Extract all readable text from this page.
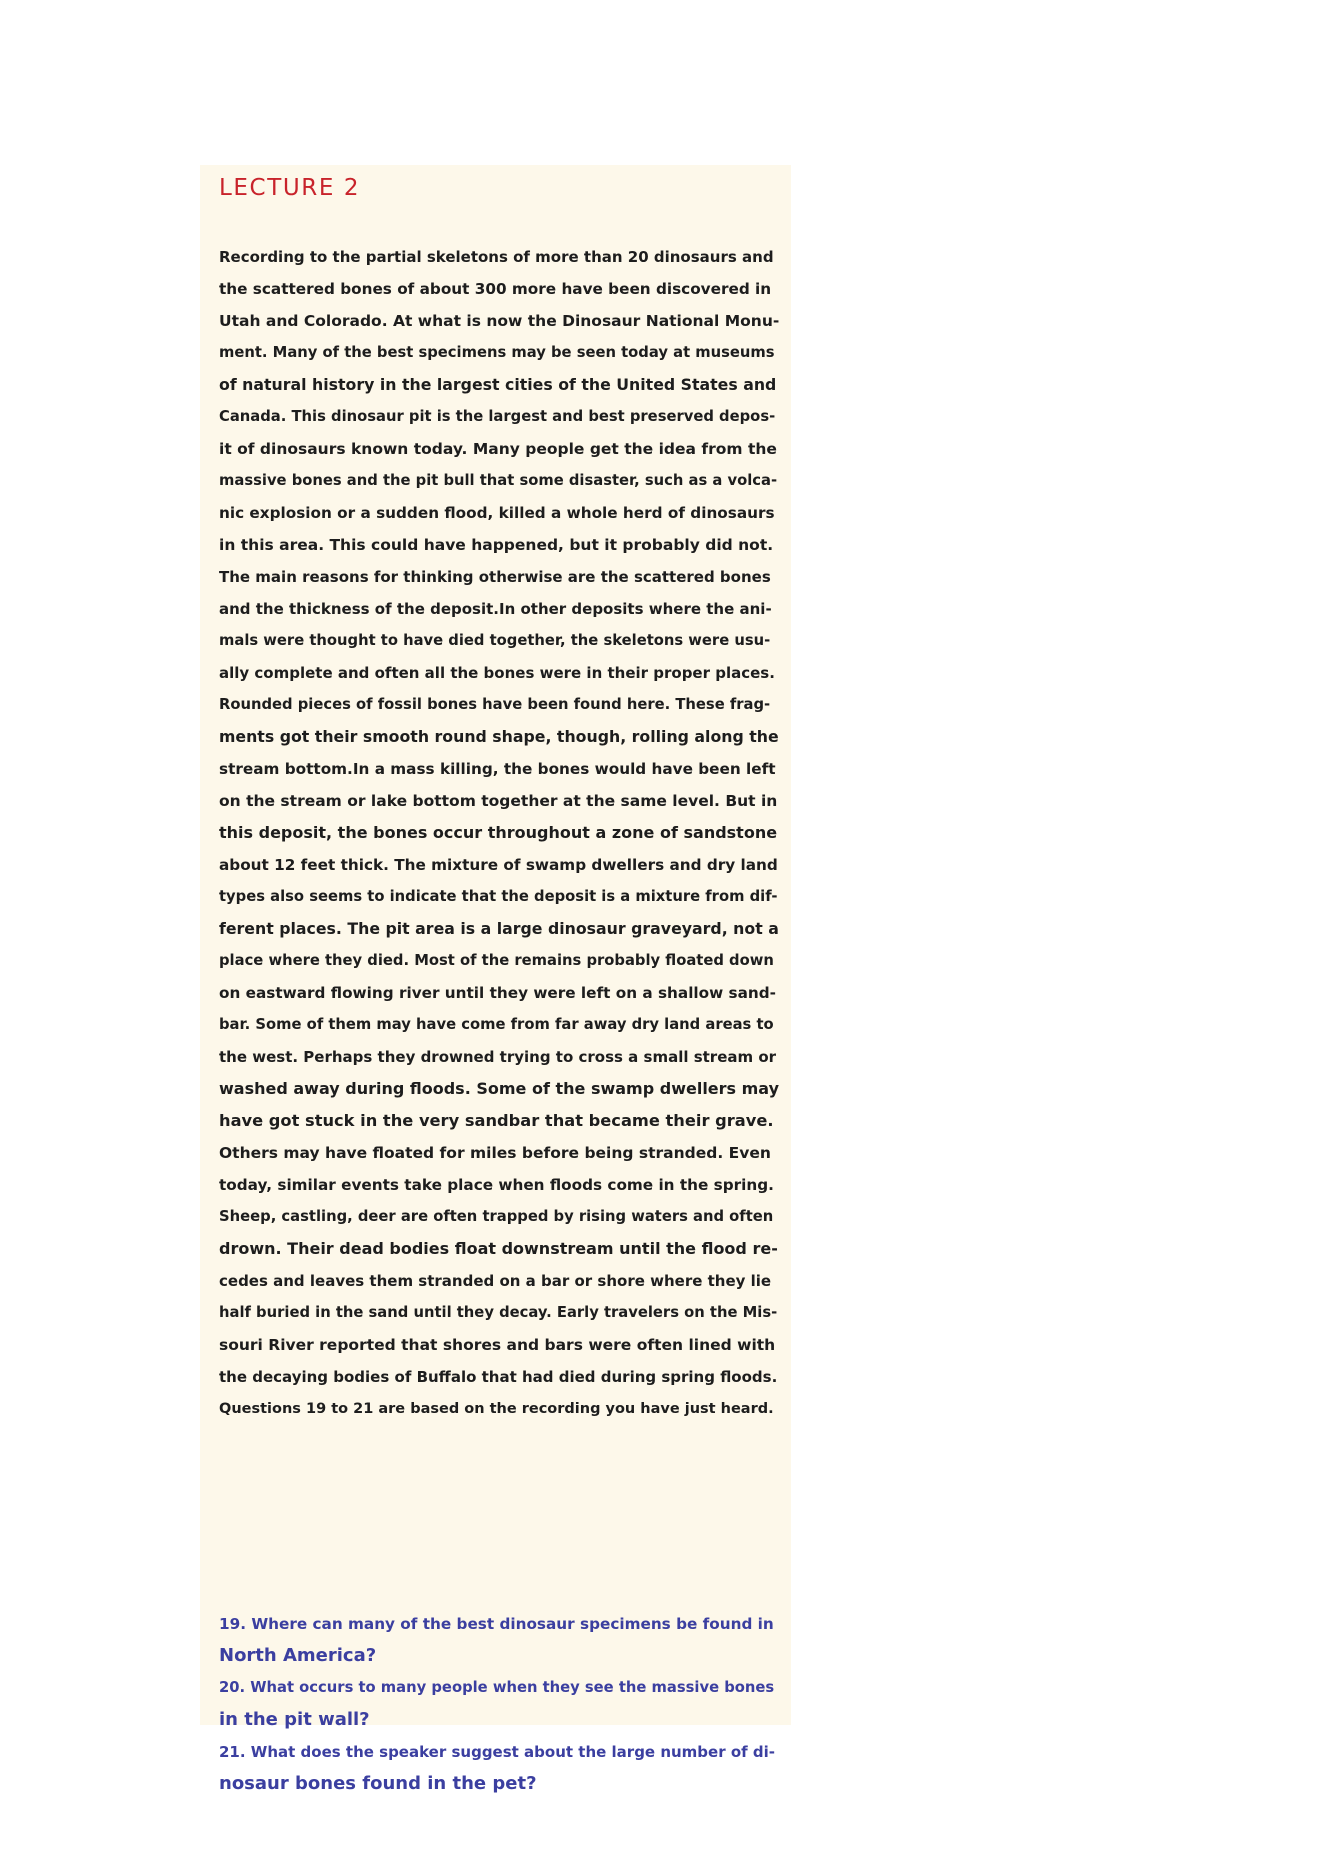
LECTURE 2
Recording to the partial skeletons of more than 20 dinosaurs and
the scattered bones of about 300 more have been discovered in
Utah and Colorado. At what is now the Dinosaur National Monu-
ment. Many of the best specimens may be seen today at museums
of natural history in the largest cities of the United States and
Canada. This dinosaur pit is the largest and best preserved depos-
it of dinosaurs known today. Many people get the idea from the
massive bones and the pit bull that some disaster, such as a volca-
nic explosion or a sudden flood, killed a whole herd of dinosaurs
in this area. This could have happened, but it probably did not.
The main reasons for thinking otherwise are the scattered bones
and the thickness of the deposit.In other deposits where the ani-
mals were thought to have died together, the skeletons were usu-
ally complete and often all the bones were in their proper places.
Rounded pieces of fossil bones have been found here. These frag-
ments got their smooth round shape, though, rolling along the
stream bottom.In a mass killing, the bones would have been left
on the stream or lake bottom together at the same level. But in
this deposit, the bones occur throughout a zone of sandstone
about 12 feet thick. The mixture of swamp dwellers and dry land
types also seems to indicate that the deposit is a mixture from dif-
ferent places. The pit area is a large dinosaur graveyard, not a
place where they died. Most of the remains probably floated down
on eastward flowing river until they were left on a shallow sand-
bar. Some of them may have come from far away dry land areas to
the west. Perhaps they drowned trying to cross a small stream or
washed away during floods. Some of the swamp dwellers may
have got stuck in the very sandbar that became their grave.
Others may have floated for miles before being stranded. Even
today, similar events take place when floods come in the spring.
Sheep, castling, deer are often trapped by rising waters and often
drown. Their dead bodies float downstream until the flood re-
cedes and leaves them stranded on a bar or shore where they lie
half buried in the sand until they decay. Early travelers on the Mis-
souri River reported that shores and bars were often lined with
the decaying bodies of Buffalo that had died during spring floods.
Questions 19 to 21 are based on the recording you have just heard.
19. Where can many of the best dinosaur specimens be found in
North America?
20. What occurs to many people when they see the massive bones
in the pit wall?
21. What does the speaker suggest about the large number of di-
nosaur bones found in the pet?
